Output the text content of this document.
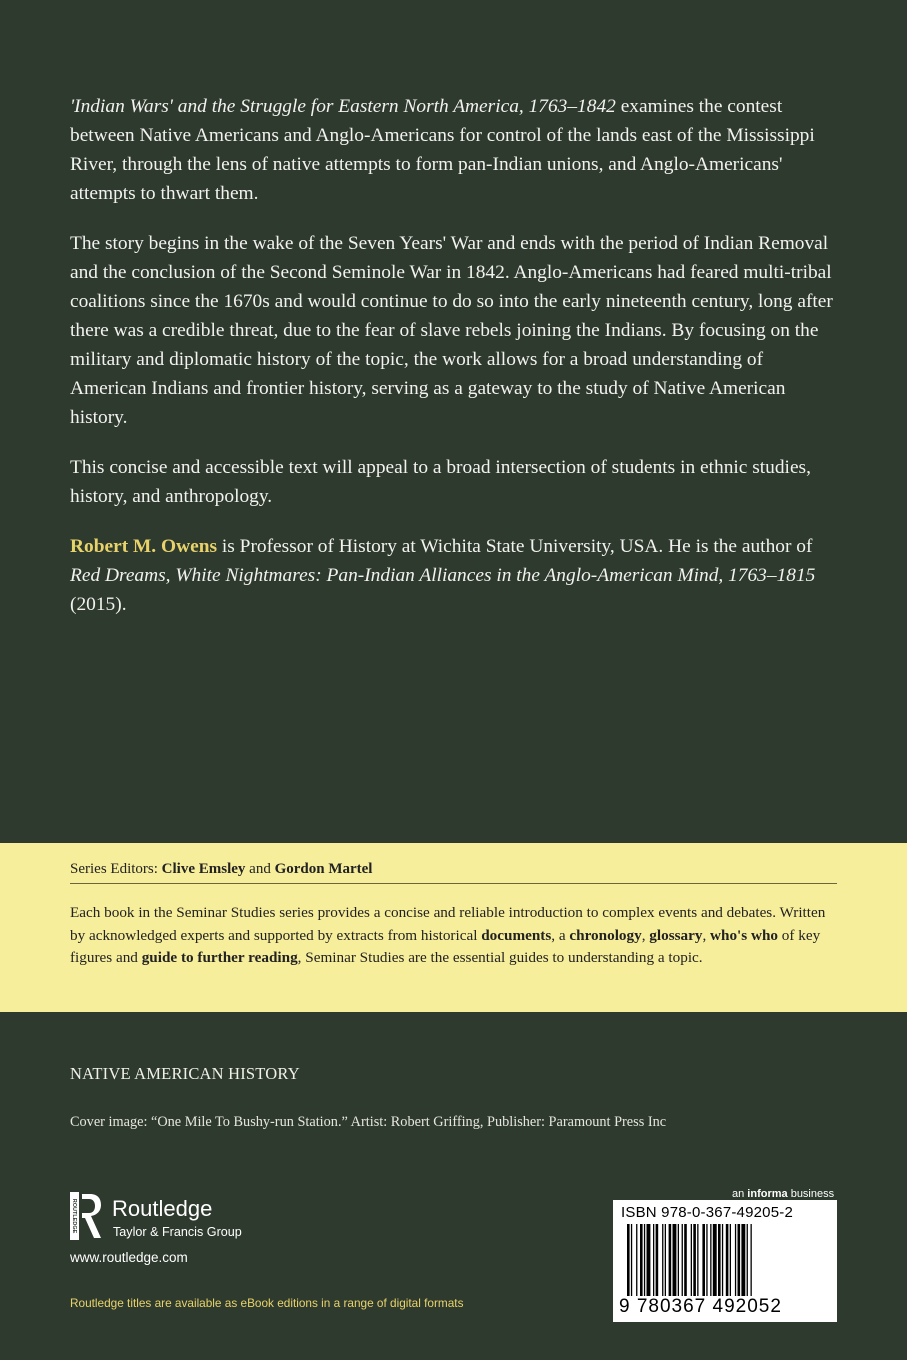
'Indian Wars' and the Struggle for Eastern North America, 1763–1842 examines the contest between Native Americans and Anglo-Americans for control of the lands east of the Mississippi River, through the lens of native attempts to form pan-Indian unions, and Anglo-Americans' attempts to thwart them.

The story begins in the wake of the Seven Years' War and ends with the period of Indian Removal and the conclusion of the Second Seminole War in 1842. Anglo-Americans had feared multi-tribal coalitions since the 1670s and would continue to do so into the early nineteenth century, long after there was a credible threat, due to the fear of slave rebels joining the Indians. By focusing on the military and diplomatic history of the topic, the work allows for a broad understanding of American Indians and frontier history, serving as a gateway to the study of Native American history.

This concise and accessible text will appeal to a broad intersection of students in ethnic studies, history, and anthropology.

Robert M. Owens is Professor of History at Wichita State University, USA. He is the author of Red Dreams, White Nightmares: Pan-Indian Alliances in the Anglo-American Mind, 1763–1815 (2015).

Series Editors: Clive Emsley and Gordon Martel
Each book in the Seminar Studies series provides a concise and reliable introduction to complex events and debates. Written by acknowledged experts and supported by extracts from historical documents, a chronology, glossary, who's who of key figures and guide to further reading, Seminar Studies are the essential guides to understanding a topic.
NATIVE AMERICAN HISTORY
Cover image: “One Mile To Bushy-run Station.” Artist: Robert Griffing, Publisher: Paramount Press Inc
ROUTLEDGE Routledge
Taylor & Francis Group
www.routledge.com
Routledge titles are available as eBook editions in a range of digital formats
an informa business
ISBN 978-0-367-49205-2
9 780367 492052
